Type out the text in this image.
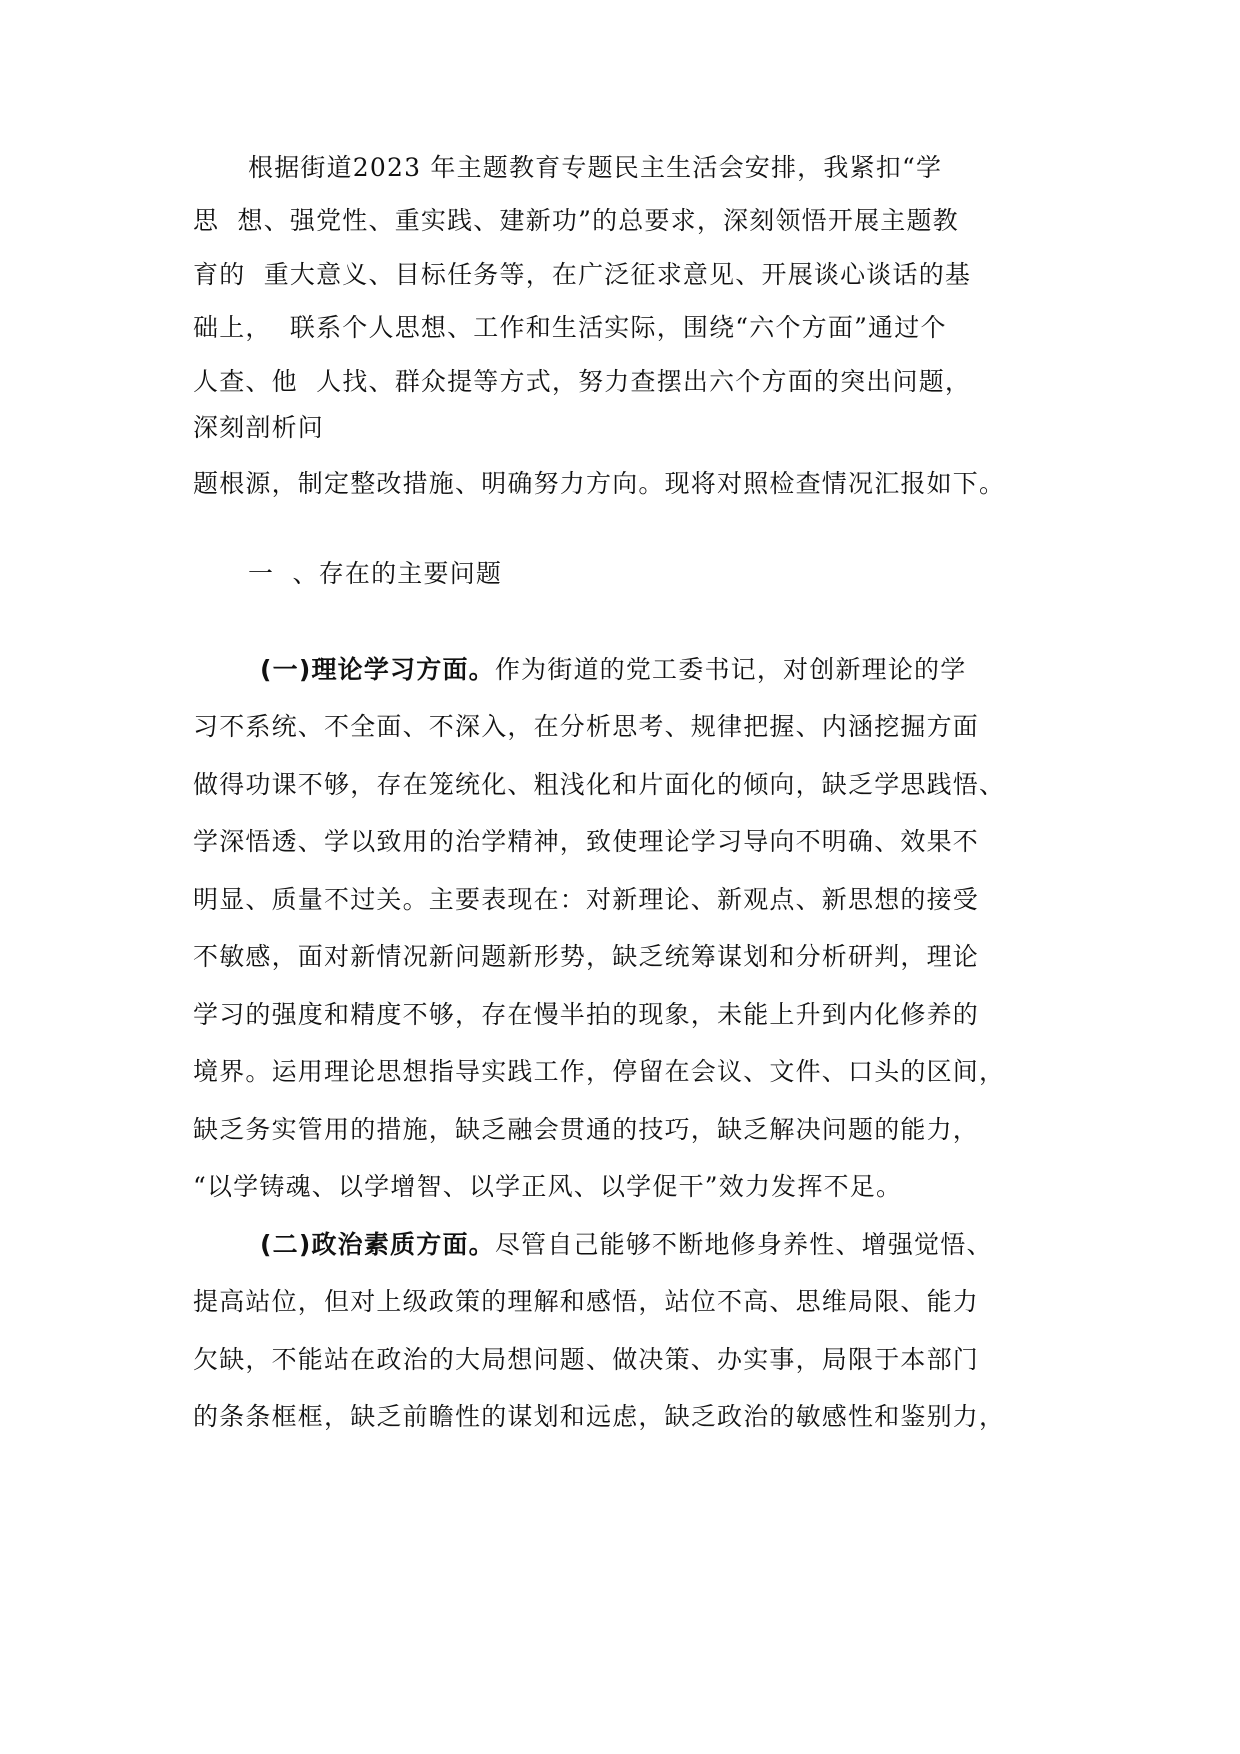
根据街道2023 年主题教育专题民主生活会安排，我紧扣“学
思  想、强党性、重实践、建新功”的总要求，深刻领悟开展主题教
育的  重大意义、目标任务等，在广泛征求意见、开展谈心谈话的基
础上，  联系个人思想、工作和生活实际，围绕“六个方面”通过个
人查、他  人找、群众提等方式，努力查摆出六个方面的突出问题，
深刻剖析问
题根源，制定整改措施、明确努力方向。现将对照检查情况汇报如下。
一  、存在的主要问题
(一)理论学习方面。作为街道的党工委书记，对创新理论的学
习不系统、不全面、不深入，在分析思考、规律把握、内涵挖掘方面
做得功课不够，存在笼统化、粗浅化和片面化的倾向，缺乏学思践悟、
学深悟透、学以致用的治学精神，致使理论学习导向不明确、效果不
明显、质量不过关。主要表现在：对新理论、新观点、新思想的接受
不敏感，面对新情况新问题新形势，缺乏统筹谋划和分析研判，理论
学习的强度和精度不够，存在慢半拍的现象，未能上升到内化修养的
境界。运用理论思想指导实践工作，停留在会议、文件、口头的区间，
缺乏务实管用的措施，缺乏融会贯通的技巧，缺乏解决问题的能力，
“以学铸魂、以学增智、以学正风、以学促干”效力发挥不足。
(二)政治素质方面。尽管自己能够不断地修身养性、增强觉悟、
提高站位，但对上级政策的理解和感悟，站位不高、思维局限、能力
欠缺，不能站在政治的大局想问题、做决策、办实事，局限于本部门
的条条框框，缺乏前瞻性的谋划和远虑，缺乏政治的敏感性和鉴别力，
